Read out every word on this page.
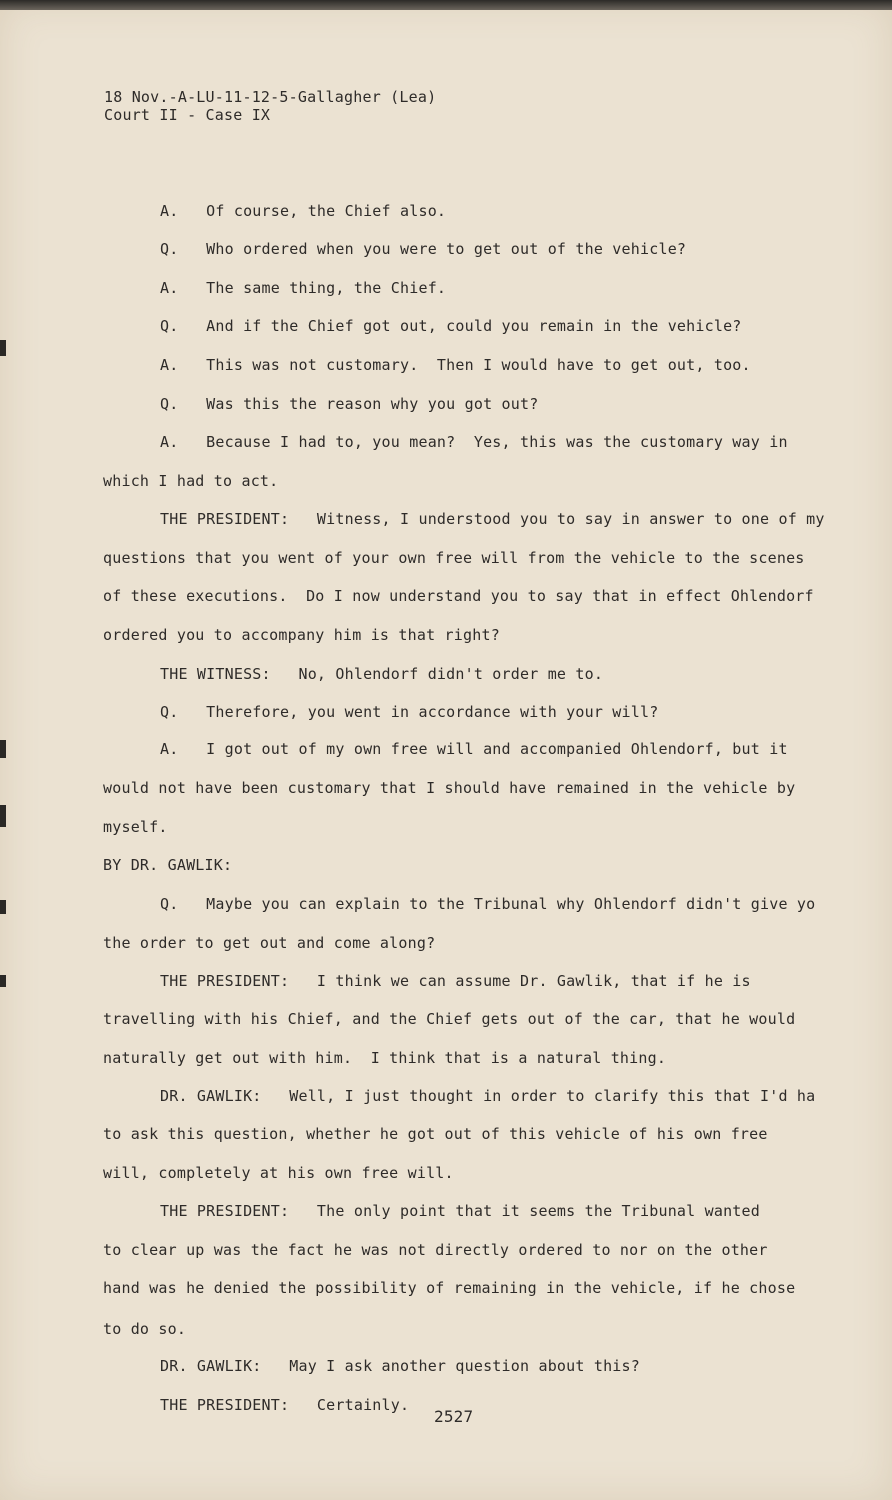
18 Nov.-A-LU-11-12-5-Gallagher (Lea)
Court II - Case IX
A.   Of course, the Chief also.
Q.   Who ordered when you were to get out of the vehicle?
A.   The same thing, the Chief.
Q.   And if the Chief got out, could you remain in the vehicle?
A.   This was not customary.  Then I would have to get out, too.
Q.   Was this the reason why you got out?
A.   Because I had to, you mean?  Yes, this was the customary way in
which I had to act.
THE PRESIDENT:   Witness, I understood you to say in answer to one of my
questions that you went of your own free will from the vehicle to the scenes
of these executions.  Do I now understand you to say that in effect Ohlendorf
ordered you to accompany him is that right?
THE WITNESS:   No, Ohlendorf didn't order me to.
Q.   Therefore, you went in accordance with your will?
A.   I got out of my own free will and accompanied Ohlendorf, but it
would not have been customary that I should have remained in the vehicle by
myself.
BY DR. GAWLIK:
Q.   Maybe you can explain to the Tribunal why Ohlendorf didn't give yo
the order to get out and come along?
THE PRESIDENT:   I think we can assume Dr. Gawlik, that if he is
travelling with his Chief, and the Chief gets out of the car, that he would
naturally get out with him.  I think that is a natural thing.
DR. GAWLIK:   Well, I just thought in order to clarify this that I'd ha
to ask this question, whether he got out of this vehicle of his own free
will, completely at his own free will.
THE PRESIDENT:   The only point that it seems the Tribunal wanted
to clear up was the fact he was not directly ordered to nor on the other
hand was he denied the possibility of remaining in the vehicle, if he chose
to do so.
DR. GAWLIK:   May I ask another question about this?
THE PRESIDENT:   Certainly.
2527
